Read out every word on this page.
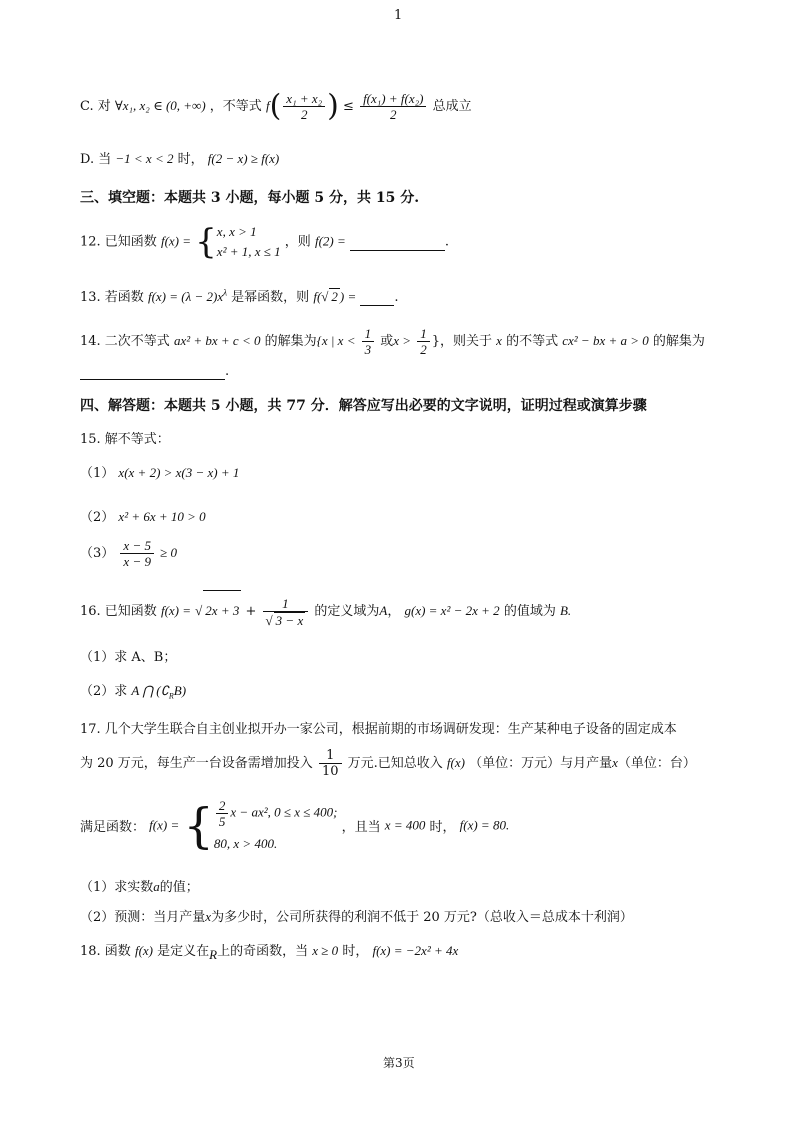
1
C. 对 ∀x₁, x₂ ∈ (0, +∞) ，不等式 $f( \frac{\text{x₁ + x₂}}{2}$ ) ≤ $\frac{\text{f(x₁) + f(x₂)}}{2}$ 总成立
D. 当 −1 < x < 2 时， f(2 − x) ≥ f(x)
三、填空题：本题共 3 小题，每小题 5 分，共 15 分.
12. 已知函数 f(x) = { x, x > 1
x² + 1, x ≤ 1
，则 f(2) =	.
13. 若函数 $f(x) = (\lambda - 2)x^\lambda$ 是幂函数，则 f(√ 2 ) =	.
14. 二次不等式 ax² + bx + c < 0 的解集为{x | $x < \frac{1}{3}$ 或$x > \frac{1}{2}$ }，则关于 x 的不等式 cx² − bx + a > 0 的解集为
.
四、解答题：本题共 5 小题，共 77 分．解答应写出必要的文字说明，证明过程或演算步骤
15. 解不等式：
（1） x(x + 2) > x(3 − x) + 1
（2） x² + 6x + 10 > 0
$(3) \frac{x - 5}{x - 9} \ge 0$
16. 已知函数 f(x) = √ $2x + 3 + \frac{1}{√ 3 - x}$ 的定义域为A， g(x) = x² − 2x + 2 的值域为 B.
（1）求 A、B；
（2）求 A ⋂ $(∁_RB)$
17. 几个大学生联合自主创业拟开办一家公司，根据前期的市场调研发现：生产某种电子设备的固定成本
为 20 万元，每生产一台设备需增加投入 $\frac{1}{10}$ 万元.已知总收入 f(x) （单位：万元）与月产量x（单位：台）
满足函数： f(x) = { $\frac{2}{5}$ x − ax², 0 ≤ x ≤ 400;
80, x > 400.
，且当 x = 400 时， f(x) = 80.
（1）求实数a的值；
（2）预测：当月产量x为多少时，公司所获得的利润不低于 20 万元?（总收入＝总成本十利润）
18. 函数 f(x) 是定义在R上的奇函数，当 x ≥ 0 时， f(x) = −2x² + 4x
第3页
